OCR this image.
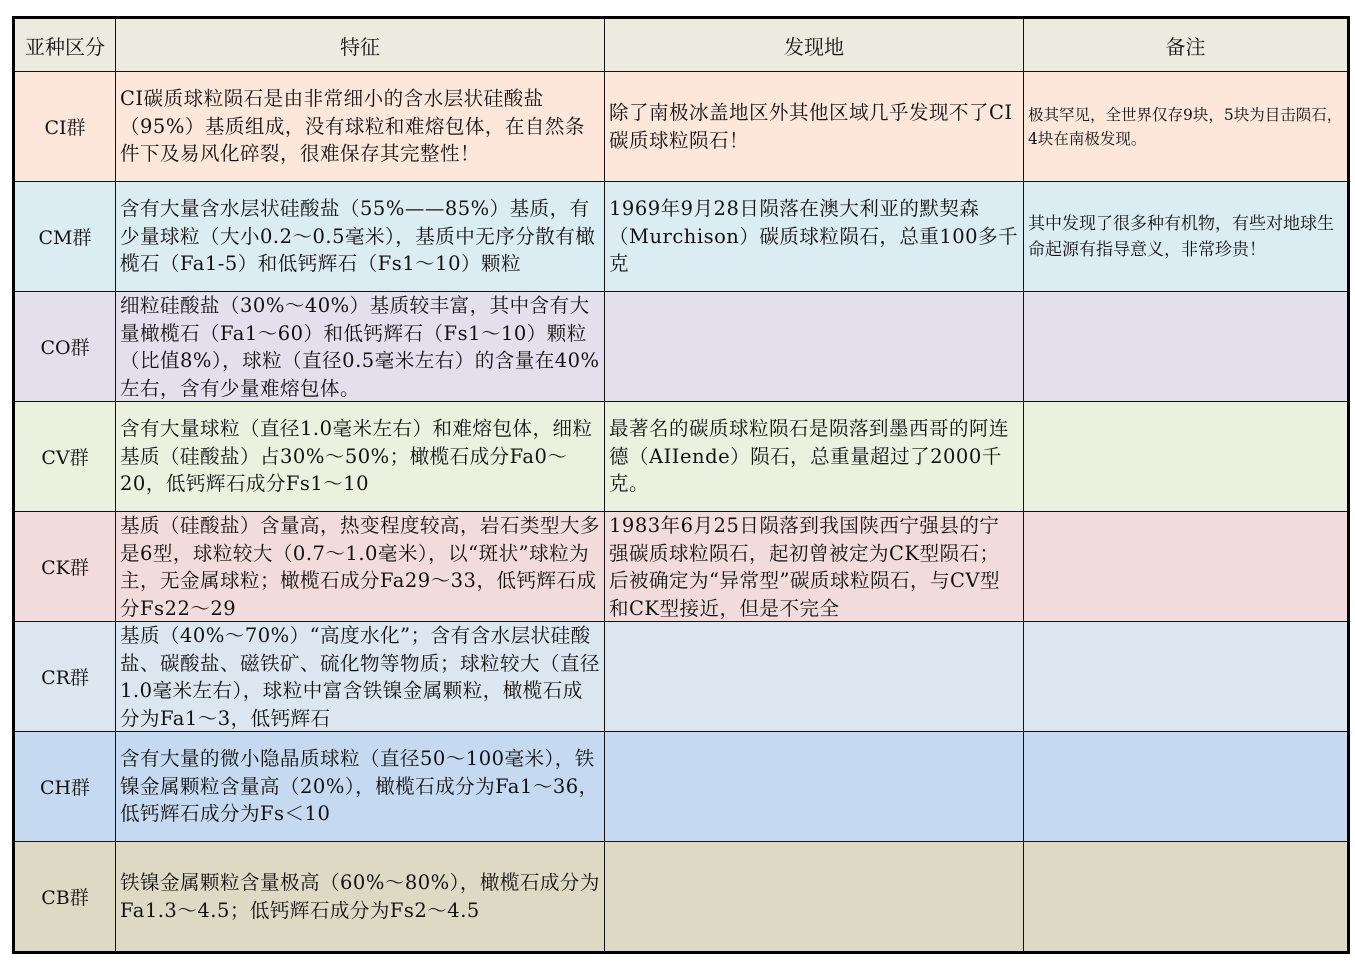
亚种区分	特征	发现地	备注
CI群	CI碳质球粒陨石是由非常细小的含水层状硅酸盐（95%）基质组成，没有球粒和难熔包体，在自然条件下及易风化碎裂，很难保存其完整性！	除了南极冰盖地区外其他区域几乎发现不了CI碳质球粒陨石！	极其罕见，全世界仅存9块，5块为目击陨石，4块在南极发现。

CM群	含有大量含水层状硅酸盐（55%——85%）基质，有少量球粒（大小0.2～0.5毫米），基质中无序分散有橄榄石（Fa1-5）和低钙辉石（Fs1～10）颗粒	1969年9月28日陨落在澳大利亚的默契森（Murchison）碳质球粒陨石，总重100多千克	其中发现了很多种有机物，有些对地球生命起源有指导意义，非常珍贵！

CO群	细粒硅酸盐（30%～40%）基质较丰富，其中含有大量橄榄石（Fa1～60）和低钙辉石（Fs1～10）颗粒（比值8%），球粒（直径0.5毫米左右）的含量在40%左右，含有少量难熔包体。		

CV群	含有大量球粒（直径1.0毫米左右）和难熔包体，细粒基质（硅酸盐）占30%～50%；橄榄石成分Fa0～20，低钙辉石成分Fs1～10	最著名的碳质球粒陨石是陨落到墨西哥的阿连德（AIIende）陨石，总重量超过了2000千克。	

CK群	基质（硅酸盐）含量高，热变程度较高，岩石类型大多是6型，球粒较大（0.7～1.0毫米），以“斑状”球粒为主，无金属球粒；橄榄石成分Fa29～33，低钙辉石成分Fs22～29	1983年6月25日陨落到我国陕西宁强县的宁强碳质球粒陨石，起初曾被定为CK型陨石；后被确定为“异常型”碳质球粒陨石，与CV型和CK型接近，但是不完全	

CR群	基质（40%～70%）“高度水化”；含有含水层状硅酸盐、碳酸盐、磁铁矿、硫化物等物质；球粒较大（直径1.0毫米左右），球粒中富含铁镍金属颗粒，橄榄石成分为Fa1～3，低钙辉石		

CH群	含有大量的微小隐晶质球粒（直径50～100毫米），铁镍金属颗粒含量高（20%），橄榄石成分为Fa1～36，低钙辉石成分为Fs＜10		

CB群	铁镍金属颗粒含量极高（60%～80%），橄榄石成分为Fa1.3～4.5；低钙辉石成分为Fs2～4.5		
